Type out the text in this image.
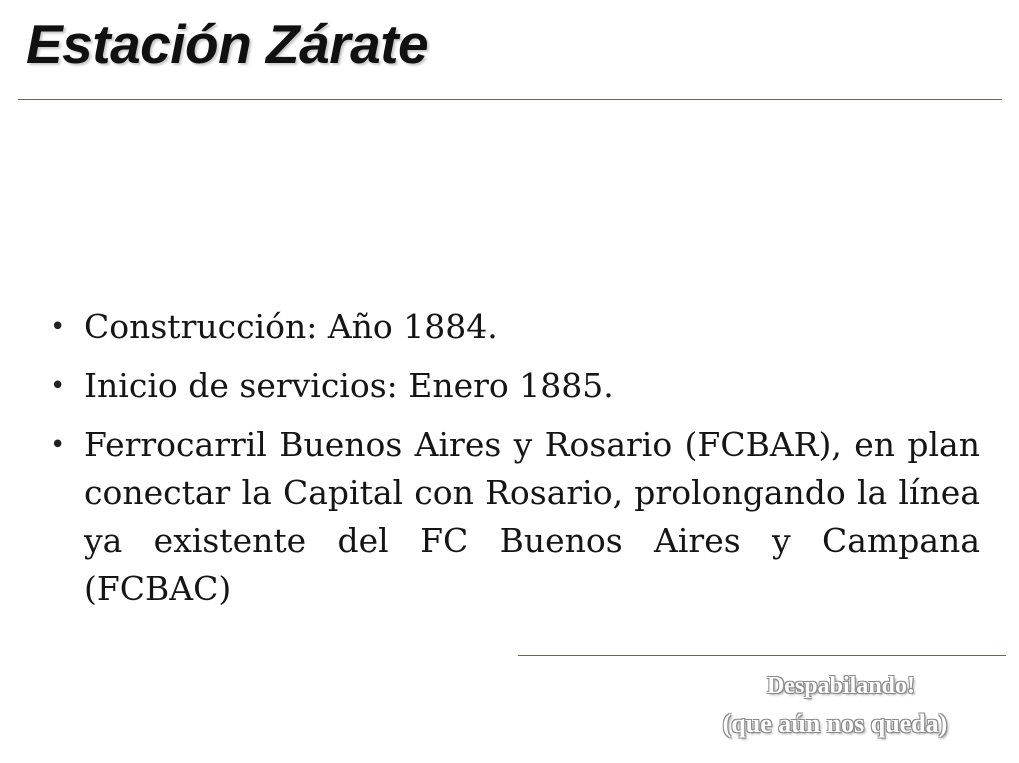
Estación Zárate
• Construcción: Año 1884.
• Inicio de servicios: Enero 1885.
• Ferrocarril Buenos Aires y Rosario (FCBAR), en plan conectar la Capital con Rosario, prolongando la línea ya existente del FC Buenos Aires y Campana (FCBAC)
Despabilando!
(que aún nos queda)
